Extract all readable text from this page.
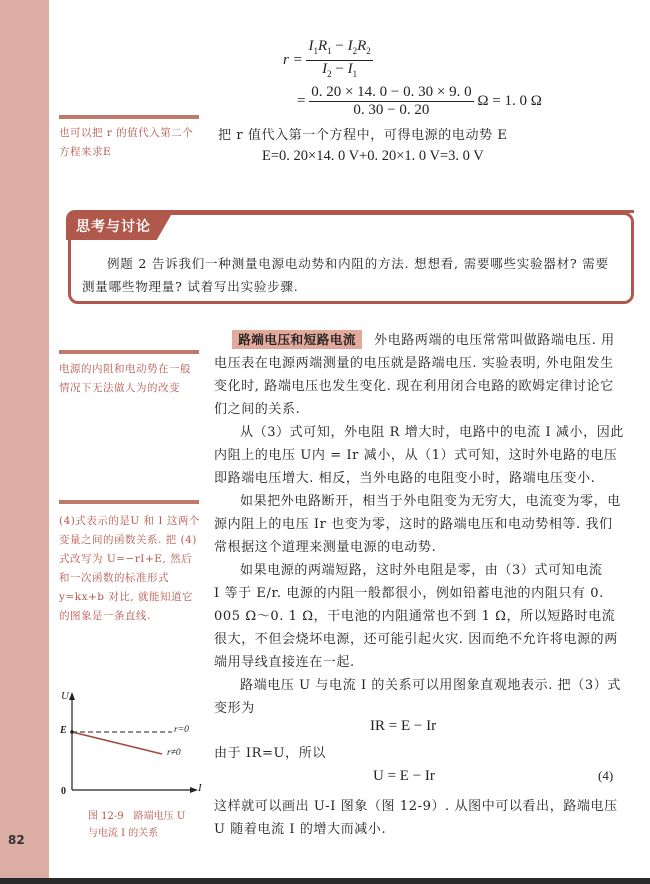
82
$r = \frac{I_1R_1 - I_2R_2}{I_2 - I_1}$
= $\frac{0. 20 \times 14. 0 - 0. 30 \times 9. 0}{0. 30 - 0. 20}$ Ω = 1. 0 Ω
也可以把 r 的值代入第二个方程来求E

把 r 值代入第一个方程中，可得电源的电动势 E

E=0. 20×14. 0 V+0. 20×1. 0 V=3. 0 V
思考与讨论
例题 2 告诉我们一种测量电源电动势和内阻的方法. 想想看, 需要哪些实验器材? 需要测量哪些物理量? 试着写出实验步骤.
电源的内阻和电动势在一般情况下无法做人为的改变
(4)式表示的是U 和 I 这两个变量之间的函数关系. 把 (4) 式改写为 U=−rI+E, 然后和一次函数的标准形式 y=kx+b 对比, 就能知道它的图象是一条直线.

路端电压和短路电流 外电路两端的电压常常叫做路端电压. 用电压表在电源两端测量的电压就是路端电压. 实验表明, 外电阻发生变化时, 路端电压也发生变化. 现在利用闭合电路的欧姆定律讨论它们之间的关系.

从（3）式可知，外电阻 R 增大时，电路中的电流 I 减小，因此内阻上的电压 U内 = Ir 减小，从（1）式可知，这时外电路的电压即路端电压增大. 相反，当外电路的电阻变小时，路端电压变小.

如果把外电路断开，相当于外电阻变为无穷大，电流变为零，电源内阻上的电压 Ir 也变为零，这时的路端电压和电动势相等. 我们常根据这个道理来测量电源的电动势.

如果电源的两端短路，这时外电阻是零，由（3）式可知电流

I 等于 E/r. 电源的内阻一般都很小，例如铅蓄电池的内阻只有 0. 005 Ω～0. 1 Ω，干电池的内阻通常也不到 1 Ω，所以短路时电流很大，不但会烧坏电源，还可能引起火灾. 因而绝不允许将电源的两端用导线直接连在一起.

路端电压 U 与电流 I 的关系可以用图象直观地表示. 把（3）式变形为

IR = E − Ir

由于 IR=U，所以

U = E − Ir	(4)

这样就可以画出 U-I 图象（图 12-9）. 从图中可以看出，路端电压 U 随着电流 I 的增大而减小.

U
I
0
E	r=0
r≠0
图 12-9　路端电压 U
与电流 I 的关系
